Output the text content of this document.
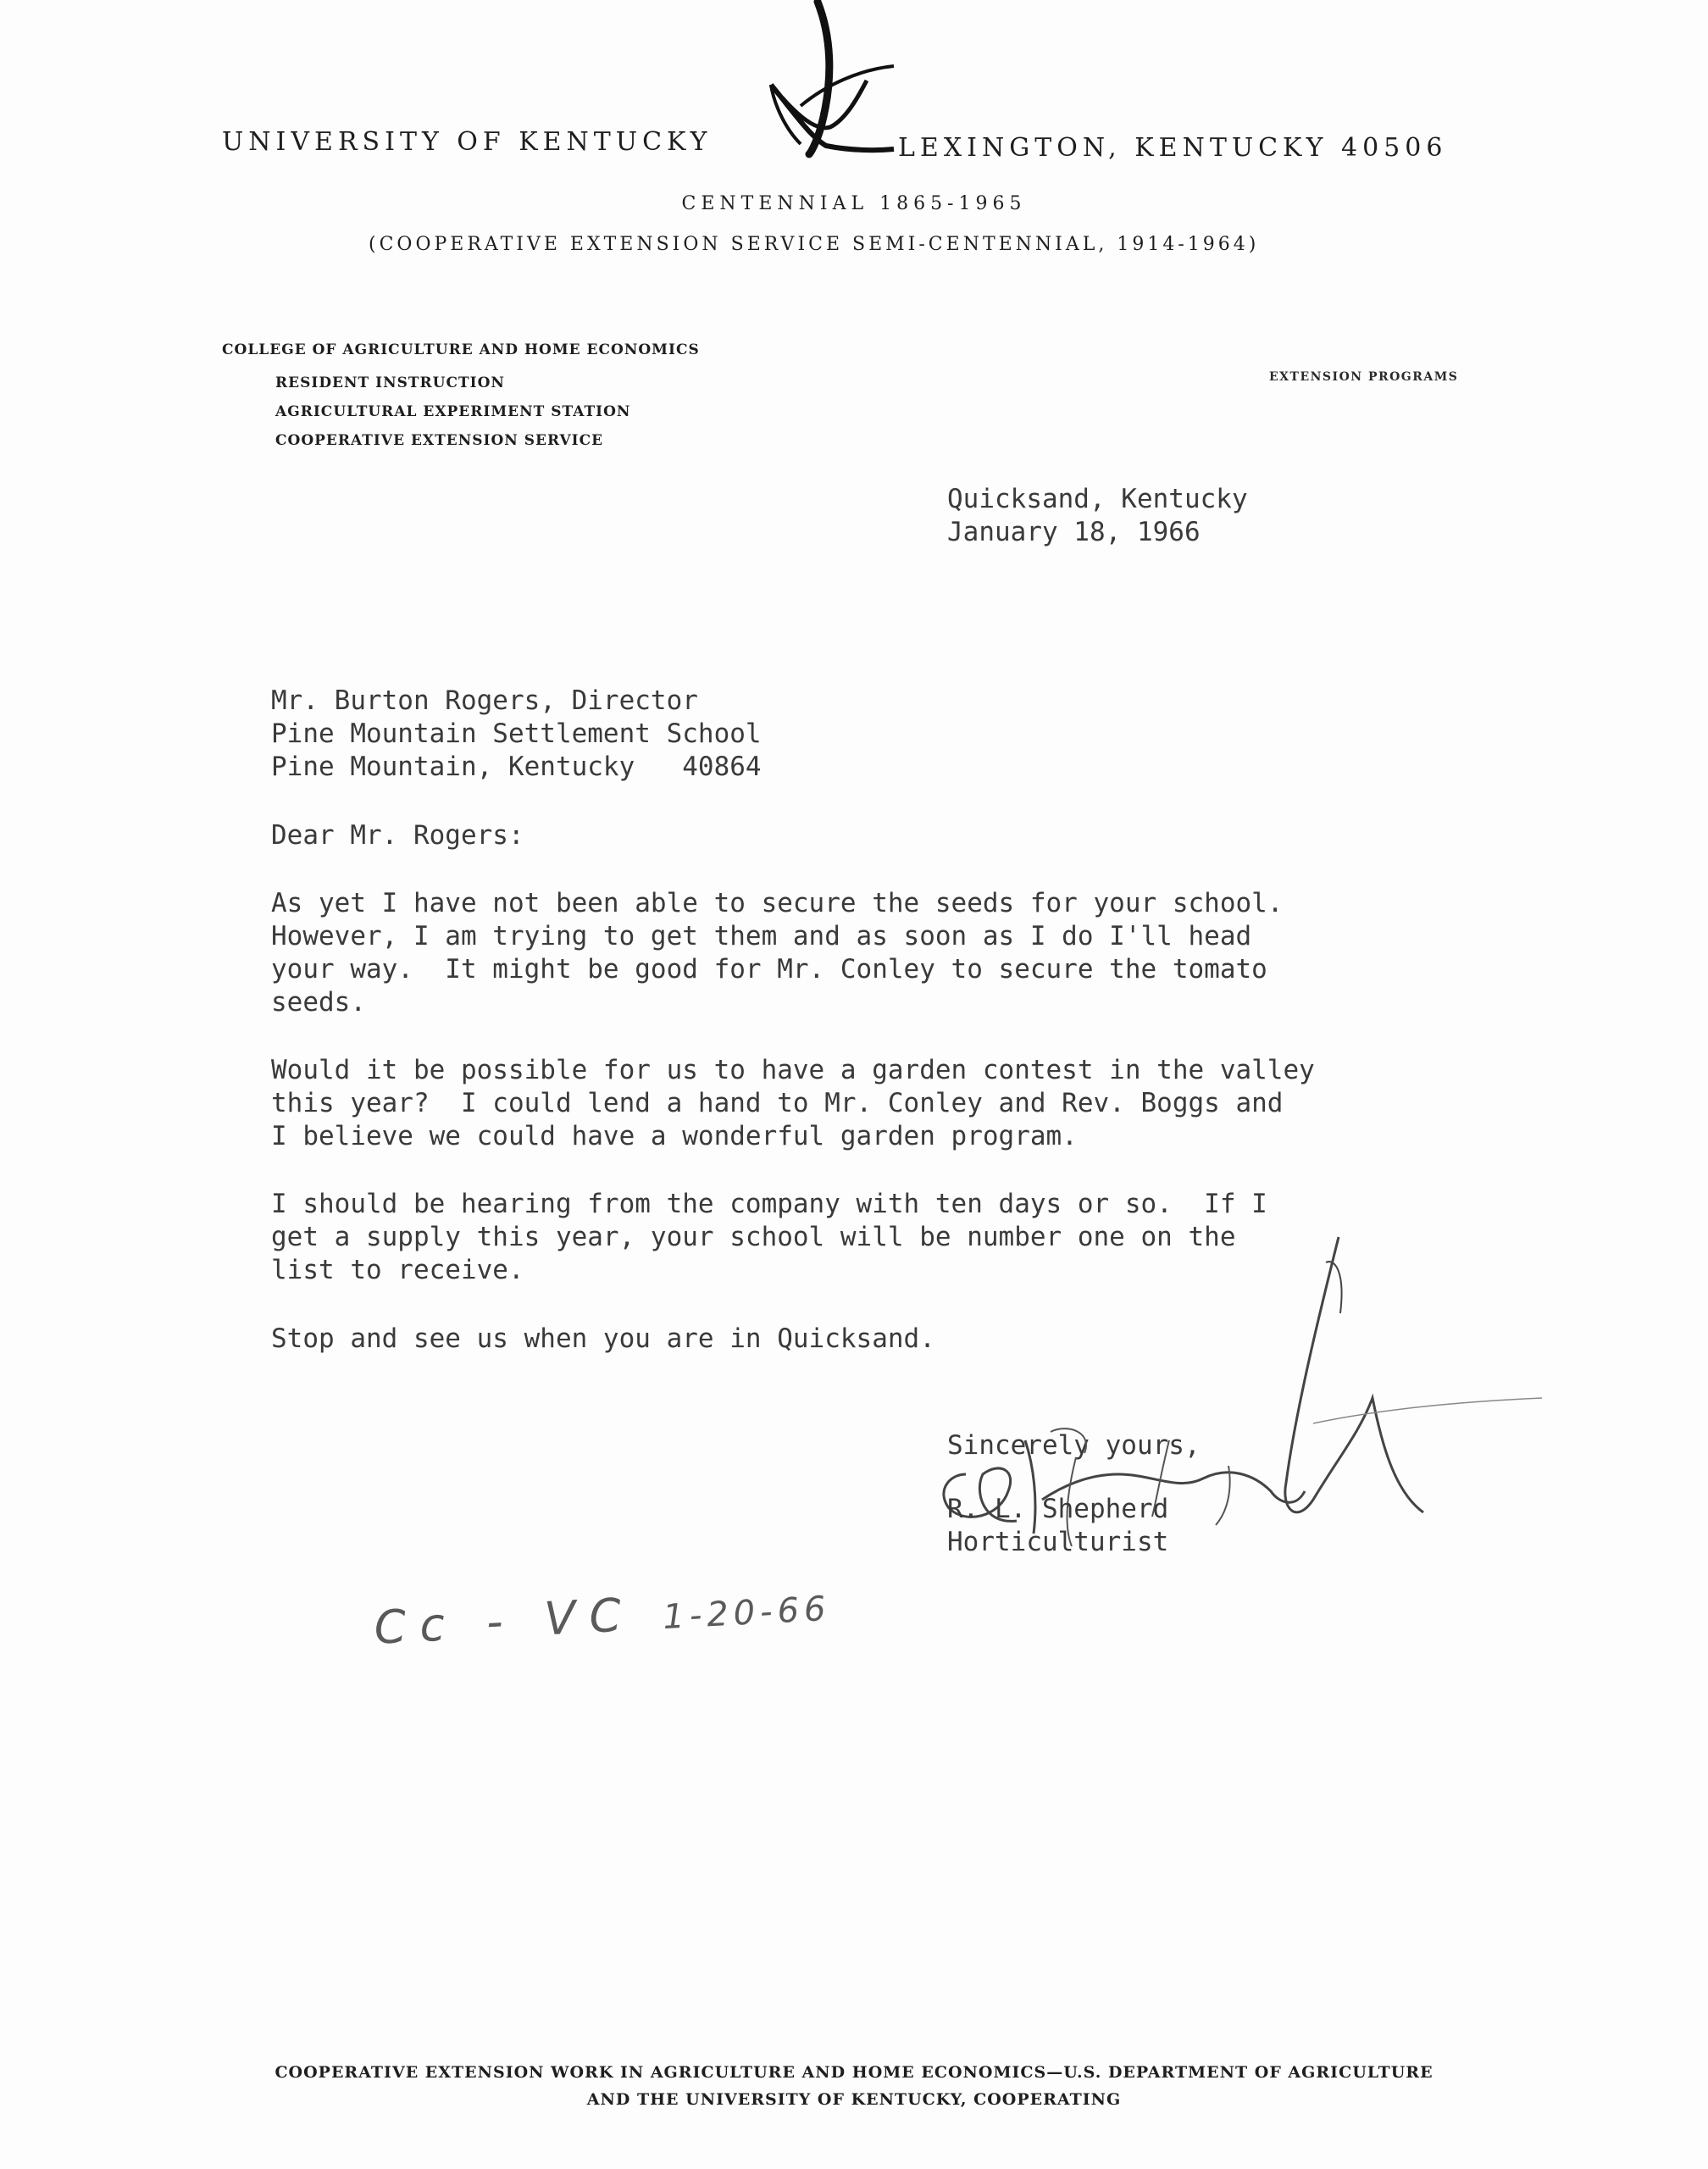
UNIVERSITY OF KENTUCKY	LEXINGTON, KENTUCKY 40506
CENTENNIAL 1865-1965
(COOPERATIVE EXTENSION SERVICE SEMI-CENTENNIAL, 1914-1964)
COLLEGE OF AGRICULTURE AND HOME ECONOMICS
RESIDENT INSTRUCTION
AGRICULTURAL EXPERIMENT STATION
COOPERATIVE EXTENSION SERVICE
EXTENSION PROGRAMS
Quicksand, Kentucky
January 18, 1966
Mr. Burton Rogers, Director
Pine Mountain Settlement School
Pine Mountain, Kentucky   40864
Dear Mr. Rogers:
As yet I have not been able to secure the seeds for your school.
However, I am trying to get them and as soon as I do I'll head
your way.  It might be good for Mr. Conley to secure the tomato
seeds.
Would it be possible for us to have a garden contest in the valley
this year?  I could lend a hand to Mr. Conley and Rev. Boggs and
I believe we could have a wonderful garden program.
I should be hearing from the company with ten days or so.  If I
get a supply this year, your school will be number one on the
list to receive.
Stop and see us when you are in Quicksand.
Sincerely yours,
R. L. Shepherd
Horticulturist
Cc - VC 1-20-66
COOPERATIVE EXTENSION WORK IN AGRICULTURE AND HOME ECONOMICS—U.S. DEPARTMENT OF AGRICULTURE
AND THE UNIVERSITY OF KENTUCKY, COOPERATING
